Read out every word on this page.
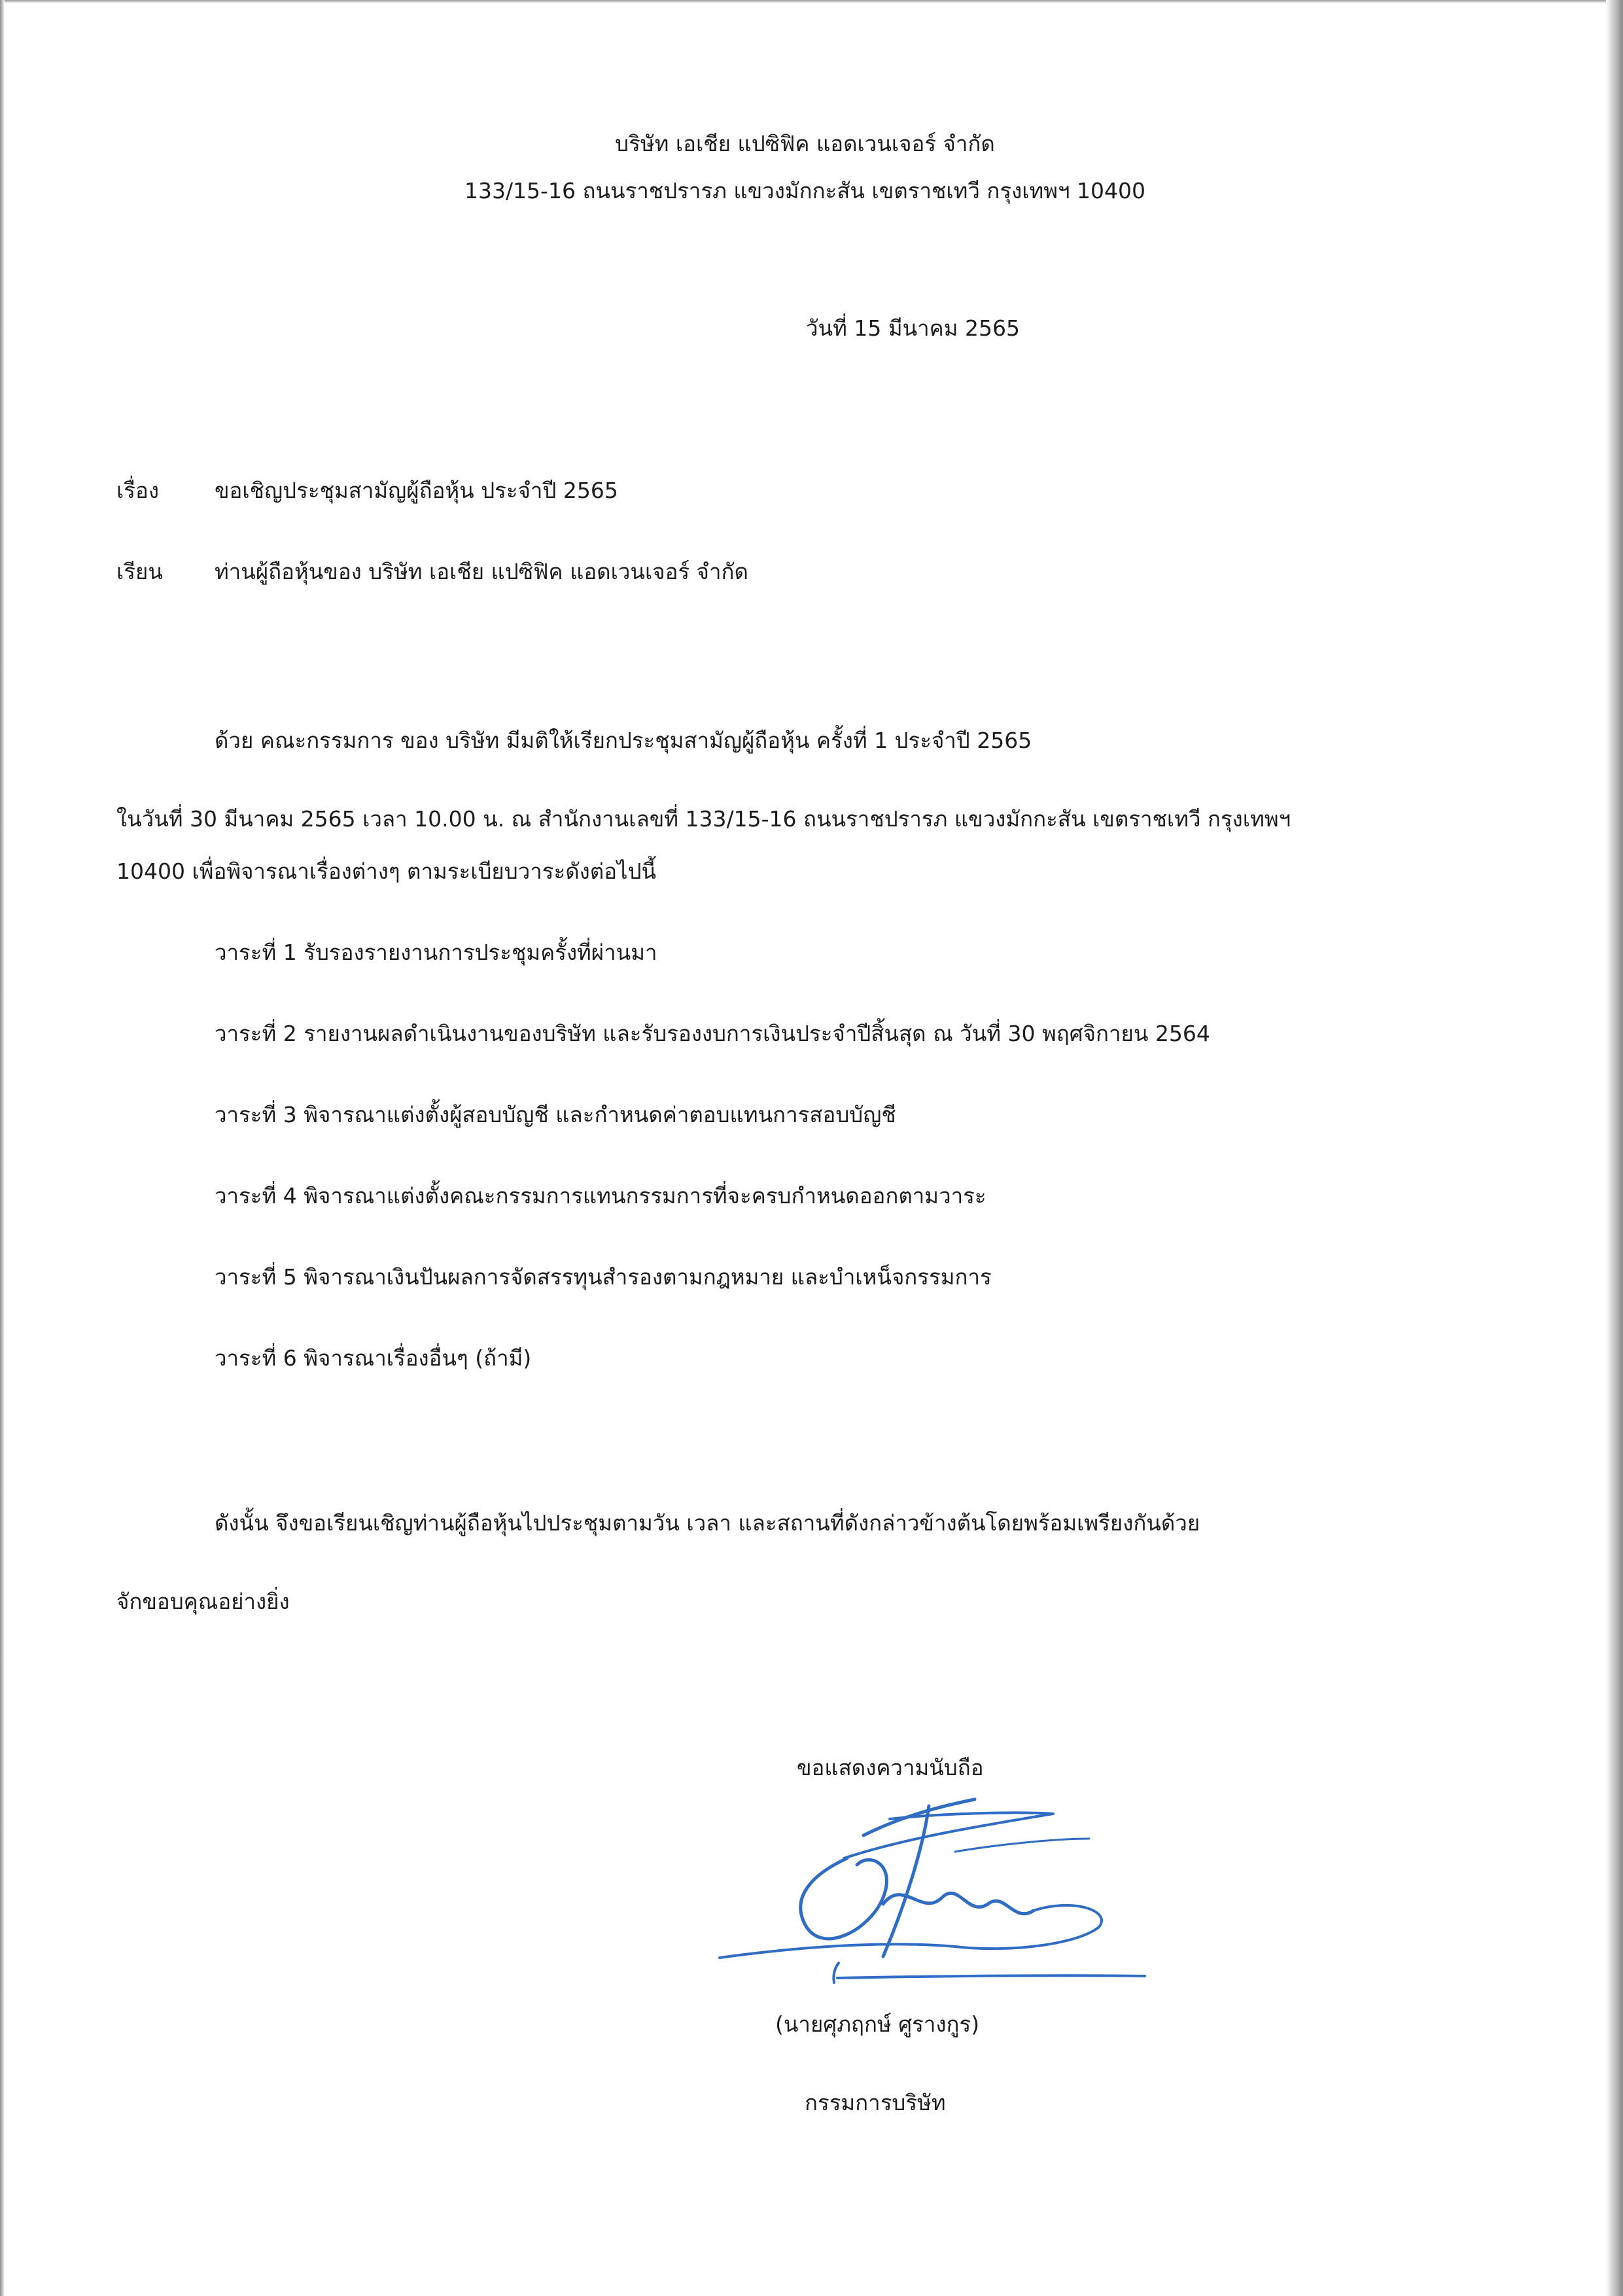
บริษัท เอเชีย แปซิฟิค แอดเวนเจอร์ จำกัด
133/15-16 ถนนราชปรารภ แขวงมักกะสัน เขตราชเทวี กรุงเทพฯ 10400
วันที่ 15 มีนาคม 2565
เรื่อง	ขอเชิญประชุมสามัญผู้ถือหุ้น ประจำปี 2565
เรียน ท่านผู้ถือหุ้นของ บริษัท เอเชีย แปซิฟิค แอดเวนเจอร์ จำกัด
ด้วย คณะกรรมการ ของ บริษัท มีมติให้เรียกประชุมสามัญผู้ถือหุ้น ครั้งที่ 1 ประจำปี 2565
ในวันที่ 30 มีนาคม 2565 เวลา 10.00 น. ณ สำนักงานเลขที่ 133/15-16 ถนนราชปรารภ แขวงมักกะสัน เขตราชเทวี กรุงเทพฯ
10400 เพื่อพิจารณาเรื่องต่างๆ ตามระเบียบวาระดังต่อไปนี้
วาระที่ 1 รับรองรายงานการประชุมครั้งที่ผ่านมา
วาระที่ 2 รายงานผลดำเนินงานของบริษัท และรับรองงบการเงินประจำปีสิ้นสุด ณ วันที่ 30 พฤศจิกายน 2564
วาระที่ 3 พิจารณาแต่งตั้งผู้สอบบัญชี และกำหนดค่าตอบแทนการสอบบัญชี
วาระที่ 4 พิจารณาแต่งตั้งคณะกรรมการแทนกรรมการที่จะครบกำหนดออกตามวาระ
วาระที่ 5 พิจารณาเงินปันผลการจัดสรรทุนสำรองตามกฎหมาย และบำเหน็จกรรมการ
วาระที่ 6 พิจารณาเรื่องอื่นๆ (ถ้ามี)
ดังนั้น จึงขอเรียนเชิญท่านผู้ถือหุ้นไปประชุมตามวัน เวลา และสถานที่ดังกล่าวข้างต้นโดยพร้อมเพรียงกันด้วย
จักขอบคุณอย่างยิ่ง
ขอแสดงความนับถือ
(นายศุภฤกษ์ ศูรางกูร)
กรรมการบริษัท
